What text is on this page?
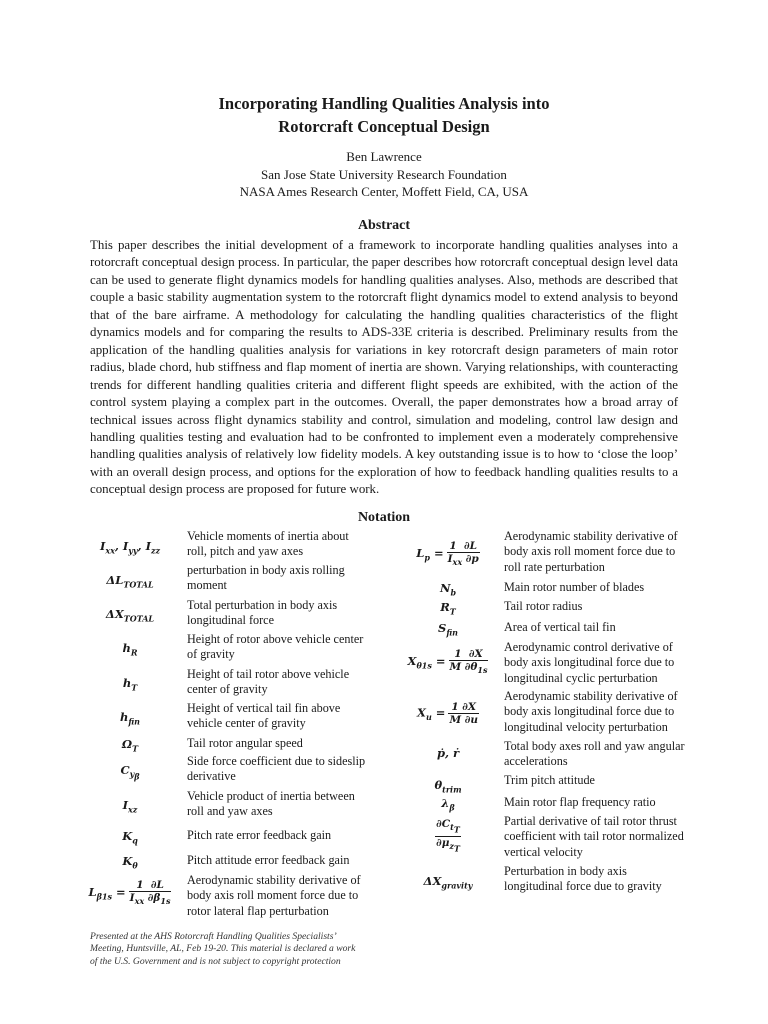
Incorporating Handling Qualities Analysis into
Rotorcraft Conceptual Design
Ben Lawrence
San Jose State University Research Foundation
NASA Ames Research Center, Moffett Field, CA, USA
Abstract
This paper describes the initial development of a framework to incorporate handling qualities analyses into a rotorcraft conceptual design process. In particular, the paper describes how rotorcraft conceptual design level data can be used to generate flight dynamics models for handling qualities analyses. Also, methods are described that couple a basic stability augmentation system to the rotorcraft flight dynamics model to extend analysis to beyond that of the bare airframe. A methodology for calculating the handling qualities characteristics of the flight dynamics models and for comparing the results to ADS-33E criteria is described. Preliminary results from the application of the handling qualities analysis for variations in key rotorcraft design parameters of main rotor radius, blade chord, hub stiffness and flap moment of inertia are shown. Varying relationships, with counteracting trends for different handling qualities criteria and different flight speeds are exhibited, with the action of the control system playing a complex part in the outcomes. Overall, the paper demonstrates how a broad array of technical issues across flight dynamics stability and control, simulation and modeling, control law design and handling qualities testing and evaluation had to be confronted to implement even a moderately comprehensive handling qualities analysis of relatively low fidelity models. A key outstanding issue is to how to ‘close the loop’ with an overall design process, and options for the exploration of how to feedback handling qualities results to a conceptual design process are proposed for future work.
Notation
$I_{xx}$, $I_{yy}$, $I_{zz}$
$\Delta L_{TOTAL}$
$\Delta X_{TOTAL}$
$h_R$
$h_T$
$h_{fin}$
$\Omega_T$
$C_{y_\beta}$
$I_{xz}$
$K_q$
$K_\theta$
$L_{\beta 1s} = \frac{1 \partial L}{I_{xx} \partial\beta_{1s}}$
Vehicle moments of inertia about
roll, pitch and yaw axes
perturbation in body axis rolling
moment
Total perturbation in body axis
longitudinal force
Height of rotor above vehicle center
of gravity
Height of tail rotor above vehicle
center of gravity
Height of vertical tail fin above
vehicle center of gravity
Tail rotor angular speed
Side force coefficient due to sideslip
derivative
Vehicle product of inertia between
roll and yaw axes
Pitch rate error feedback gain
Pitch attitude error feedback gain
Aerodynamic stability derivative of
body axis roll moment force due to
rotor lateral flap perturbation
$L_p = \frac{1 \partial L}{I_{xx} \partial p}$
$N_b$
$R_T$
$S_{fin}$
$X_{\theta 1s} = \frac{1 \partial X}{M \partial\theta_{1s}}$
$X_u = \frac{1 \partial X}{M \partial u}$
ṗ, ṙ
$\theta_{trim}$
$\lambda_\beta$
$\frac{\partial C_{t_T}}{\partial\mu_{z_T}}$
$\Delta X_{gravity}$
Aerodynamic stability derivative of
body axis roll moment force due to
roll rate perturbation
Main rotor number of blades
Tail rotor radius
Area of vertical tail fin
Aerodynamic control derivative of
body axis longitudinal force due to
longitudinal cyclic perturbation
Aerodynamic stability derivative of
body axis longitudinal force due to
longitudinal velocity perturbation
Total body axes roll and yaw angular
accelerations
Trim pitch attitude
Main rotor flap frequency ratio
Partial derivative of tail rotor thrust
coefficient with tail rotor normalized
vertical velocity
Perturbation in body axis
longitudinal force due to gravity
Presented at the AHS Rotorcraft Handling Qualities Specialists’
Meeting, Huntsville, AL, Feb 19-20. This material is declared a work
of the U.S. Government and is not subject to copyright protection
